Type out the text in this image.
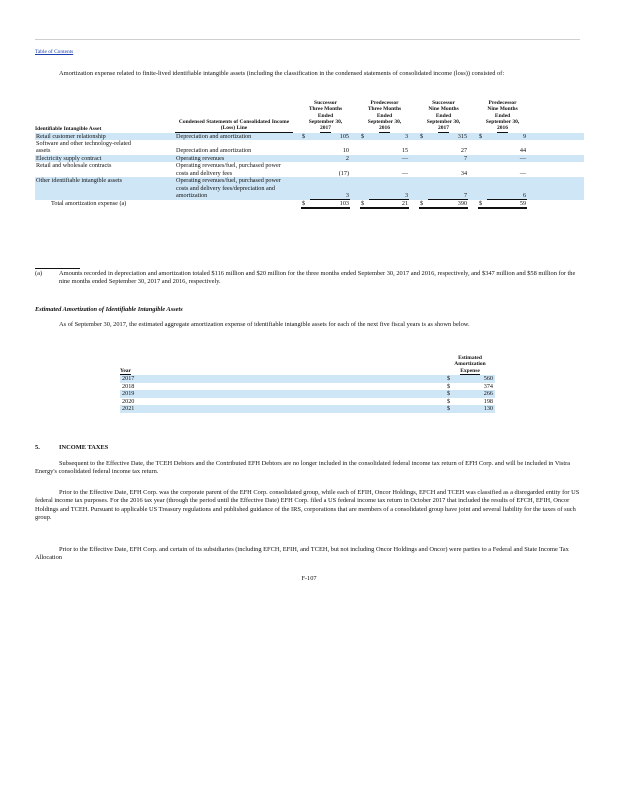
Table of Contents
Amortization expense related to finite-lived identifiable intangible assets (including the classification in the condensed statements of consolidated income (loss)) consisted of:
Identifiable Intangible Asset	Condensed Statements of Consolidated Income (Loss) Line		Successor
Three Months
Ended
September 30,
2017			Predecessor
Three Months
Ended
September 30,
2016			Successor
Nine Months
Ended
September 30,
2017			Predecessor
Nine Months
Ended
September 30,
2016		
Retail customer relationship	Depreciation and amortization		$	105		$	3		$	315		$	9	
Software and other technology-related assets	Depreciation and amortization			10			15			27			44	
Electricity supply contract	Operating revenues			2			—			7			—	
Retail and wholesale contracts	Operating revenues/fuel, purchased power costs and delivery fees			(17)			—			34			—	
Other identifiable intangible assets	Operating revenues/fuel, purchased power costs and delivery fees/depreciation and amortization			3			3			7			6	
Total amortization expense (a)			$	103		$	21		$	390		$	59	
(a)	Amounts recorded in depreciation and amortization totaled $116 million and $20 million for the three months ended September 30, 2017 and 2016, respectively, and $347 million and $58 million for the nine months ended September 30, 2017 and 2016, respectively.
Estimated Amortization of Identifiable Intangible Assets
As of September 30, 2017, the estimated aggregate amortization expense of identifiable intangible assets for each of the next five fiscal years is as shown below.
Year		Estimated
Amortization
Expense	
2017		$	560
2018		$	374
2019		$	266
2020		$	198
2021		$	130
5.	INCOME TAXES
Subsequent to the Effective Date, the TCEH Debtors and the Contributed EFH Debtors are no longer included in the consolidated federal income tax return of EFH Corp. and will be included in Vistra Energy's consolidated federal income tax return.
Prior to the Effective Date, EFH Corp. was the corporate parent of the EFH Corp. consolidated group, while each of EFIH, Oncor Holdings, EFCH and TCEH was classified as a disregarded entity for US federal income tax purposes. For the 2016 tax year (through the period until the Effective Date) EFH Corp. filed a US federal income tax return in October 2017 that included the results of EFCH, EFIH, Oncor Holdings and TCEH. Pursuant to applicable US Treasury regulations and published guidance of the IRS, corporations that are members of a consolidated group have joint and several liability for the taxes of such group.
Prior to the Effective Date, EFH Corp. and certain of its subsidiaries (including EFCH, EFIH, and TCEH, but not including Oncor Holdings and Oncor) were parties to a Federal and State Income Tax Allocation
F-107
